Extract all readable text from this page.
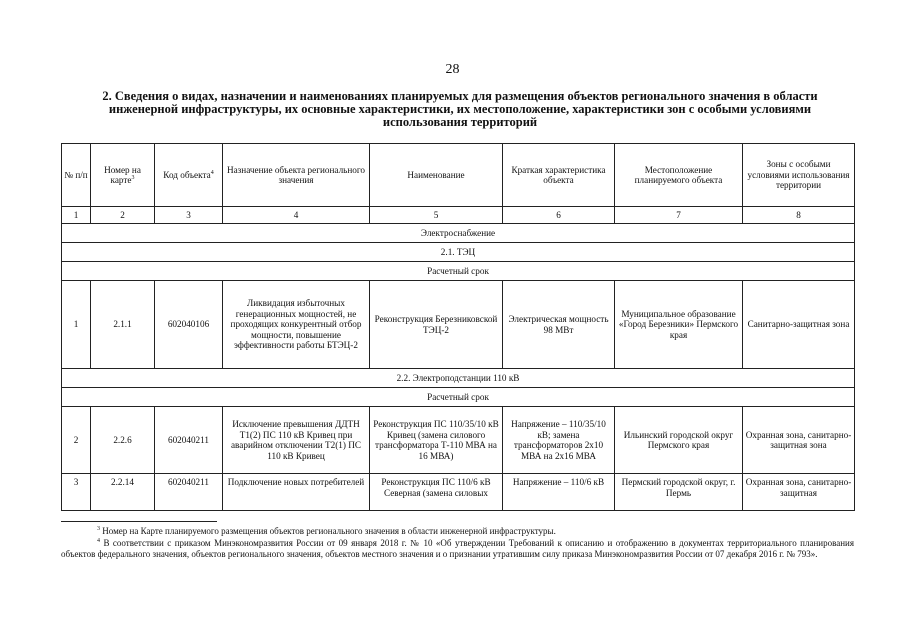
28
2. Сведения о видах, назначении и наименованиях планируемых для размещения объектов регионального значения в области инженерной инфраструктуры, их основные характеристики, их местоположение, характеристики зон с особыми условиями использования территорий
№ п/п	Номер на карте$^3$	Код объекта$^4$	Назначение объекта регионального значения	Наименование	Краткая характеристика объекта	Местоположение планируемого объекта	Зоны с особыми условиями использования территории
1	2	3	4	5	6	7	8
Электроснабжение							
2.1. ТЭЦ							
Расчетный срок							
1	2.1.1	602040106	Ликвидация избыточных генерационных мощностей, не проходящих конкурентный отбор мощности, повышение эффективности работы БТЭЦ-2	Реконструкция Березниковской ТЭЦ-2	Электрическая мощность 98 МВт	Муниципальное образование «Город Березники» Пермского края	Санитарно-защитная зона
2.2. Электроподстанции 110 кВ							
Расчетный срок							
2	2.2.6	602040211	Исключение превышения ДДТН Т1(2) ПС 110 кВ Кривец при аварийном отключении Т2(1) ПС 110 кВ Кривец	Реконструкция ПС 110/35/10 кВ Кривец (замена силового трансформатора Т-110 МВА на 16 МВА)	Напряжение – 110/35/10 кВ; замена трансформаторов 2x10 МВА на 2x16 МВА	Ильинский городской округ Пермского края	Охранная зона, санитарно-защитная зона
3	2.2.14	602040211	Подключение новых потребителей	Реконструкция ПС 110/6 кВ Северная (замена силовых	Напряжение – 110/6 кВ	Пермский городской округ, г. Пермь	Охранная зона, санитарно-защитная

$^3$ Номер на Карте планируемого размещения объектов регионального значения в области инженерной инфраструктуры.

$^4$ В соответствии с приказом Минэкономразвития России от 09 января 2018 г. № 10 «Об утверждении Требований к описанию и отображению в документах территориального планирования объектов федерального значения, объектов регионального значения, объектов местного значения и о признании утратившим силу приказа Минэкономразвития России от 07 декабря 2016 г. № 793».
